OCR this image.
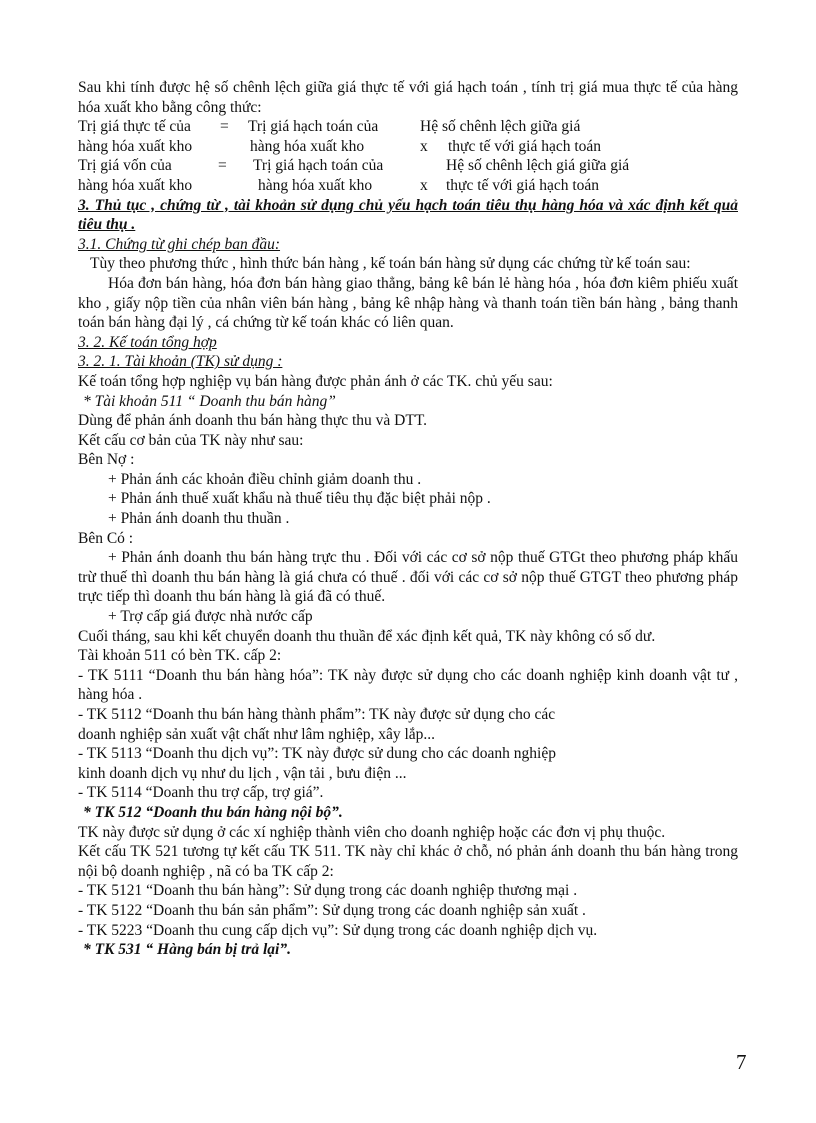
Sau khi tính được hệ số chênh lệch giữa giá thực tế với giá hạch toán , tính trị giá mua thực tế của hàng hóa xuất kho bằng công thức:

Trị giá thực tế của = Trị giá hạch toán của	Hệ số chênh lệch giữa giá
hàng hóa xuất kho	hàng hóa xuất kho	x thực tế với giá hạch toán
Trị giá vốn của	= Trị giá hạch toán của	Hệ số chênh lệch giá giữa giá
hàng hóa xuất kho	hàng hóa xuất kho	x thực tế với giá hạch toán

3. Thủ tục , chứng từ , tài khoản sử dụng chủ yếu hạch toán tiêu thụ hàng hóa và xác định kết quả tiêu thụ .

3.1. Chứng từ ghi chép ban đầu:

Tùy theo phương thức , hình thức bán hàng , kế toán bán hàng sử dụng các chứng từ kế toán sau:

Hóa đơn bán hàng, hóa đơn bán hàng giao thẳng, bảng kê bán lẻ hàng hóa , hóa đơn kiêm phiếu xuất kho , giấy nộp tiền của nhân viên bán hàng , bảng kê nhập hàng và thanh toán tiền bán hàng , bảng thanh toán bán hàng đại lý , cá chứng từ kế toán khác có liên quan.

3. 2. Kế toán tổng hợp

3. 2. 1. Tài khoản (TK) sử dụng :

Kế toán tổng hợp nghiệp vụ bán hàng được phản ánh ở các TK. chủ yếu sau:

* Tài khoản 511 “ Doanh thu bán hàng”

Dùng để phản ánh doanh thu bán hàng thực thu và DTT.

Kết cấu cơ bản của TK này như sau:

Bên Nợ :

+ Phản ánh các khoản điều chỉnh giảm doanh thu .

+ Phản ánh thuế xuất khẩu nà thuế tiêu thụ đặc biệt phải nộp .

+ Phản ánh doanh thu thuần .

Bên Có :

+ Phản ánh doanh thu bán hàng trực thu . Đối với các cơ sở nộp thuế GTGt theo phương pháp khấu trừ thuế thì doanh thu bán hàng là giá chưa có thuế . đối với các cơ sở nộp thuế GTGT theo phương pháp trực tiếp thì doanh thu bán hàng là giá đã có thuế.

+ Trợ cấp giá được nhà nước cấp

Cuối tháng, sau khi kết chuyển doanh thu thuần để xác định kết quả, TK này không có số dư.

Tài khoản 511 có bèn TK. cấp 2:

- TK 5111 “Doanh thu bán hàng hóa”: TK này được sử dụng cho các doanh nghiệp kinh doanh vật tư , hàng hóa .

- TK 5112 “Doanh thu bán hàng thành phẩm”: TK này được sử dụng cho các

doanh nghiệp sản xuất vật chất như lâm nghiệp, xây lắp...

- TK 5113 “Doanh thu dịch vụ”: TK này được sử dung cho các doanh nghiệp

kinh doanh dịch vụ như du lịch , vận tải , bưu điện ...

- TK 5114 “Doanh thu trợ cấp, trợ giá”.

* TK 512 “Doanh thu bán hàng nội bộ”.

TK này được sử dụng ở các xí nghiệp thành viên cho doanh nghiệp hoặc các đơn vị phụ thuộc.

Kết cấu TK 521 tương tự kết cấu TK 511. TK này chỉ khác ở chỗ, nó phản ánh doanh thu bán hàng trong nội bộ doanh nghiệp , nã có ba TK cấp 2:

- TK 5121 “Doanh thu bán hàng”: Sử dụng trong các doanh nghiệp thương mại .

- TK 5122 “Doanh thu bán sản phẩm”: Sử dụng trong các doanh nghiệp sản xuất .

- TK 5223 “Doanh thu cung cấp dịch vụ”: Sử dụng trong các doanh nghiệp dịch vụ.

* TK 531 “ Hàng bán bị trả lại”.

7
